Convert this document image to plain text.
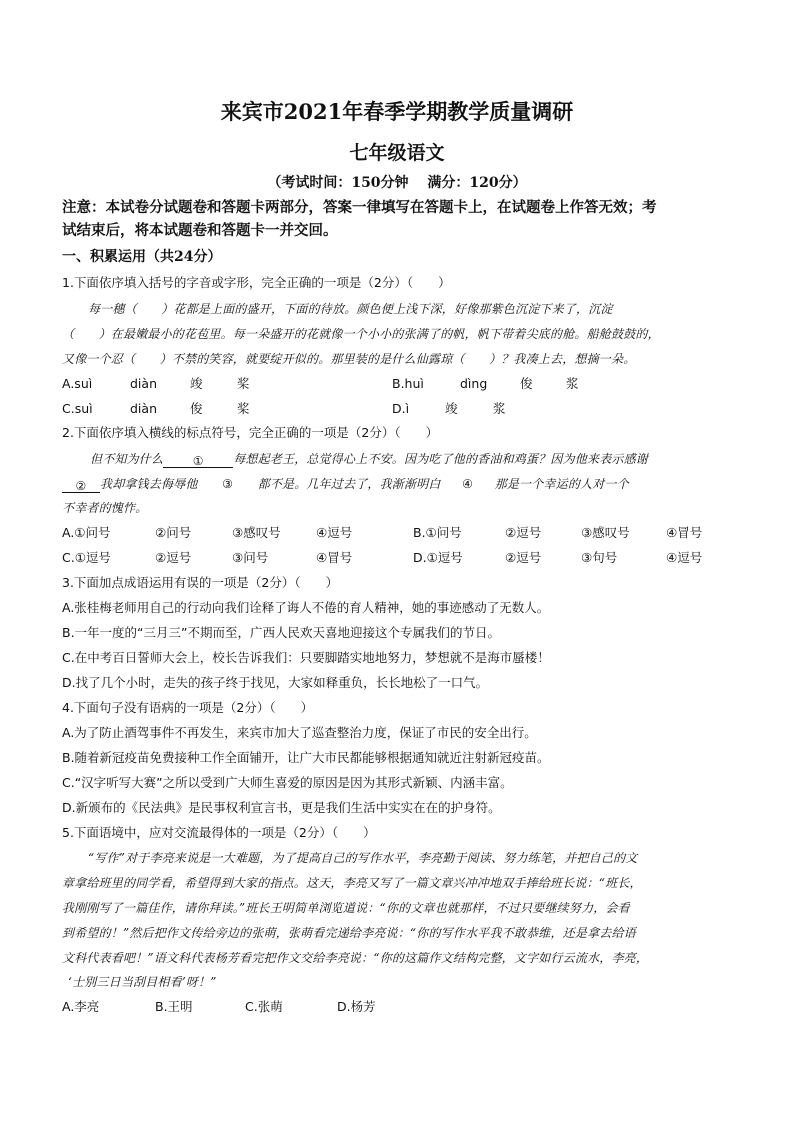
来宾市2021年春季学期教学质量调研
七年级语文
（考试时间：150分钟　 满分：120分）
注意：本试卷分试题卷和答题卡两部分，答案一律填写在答题卡上，在试题卷上作答无效；考
试结束后，将本试题卷和答题卡一并交回。
一、积累运用（共24分）
1.下面依序填入括号的字音或字形，完全正确的一项是（2分）（　　）
每一穗（　　）花都是上面的盛开，下面的待放。颜色便上浅下深，好像那紫色沉淀下来了，沉淀
（　　）在最嫩最小的花苞里。每一朵盛开的花就像一个小小的张满了的帆，帆下带着尖底的舱。船舱鼓鼓的，
又像一个忍（　　）不禁的笑容，就要绽开似的。那里装的是什么仙露琼（　　）？我凑上去，想摘一朵。
A.suì	diàn	竣	桨	B.huì	dìng	俊	浆
C.suì	diàn	俊	桨	D.ì	竣	浆
2.下面依序填入横线的标点符号，完全正确的一项是（2分）（　　）
但不知为什么 ① 每想起老王，总觉得心上不安。因为吃了他的香油和鸡蛋？因为他来表示感谢
② 我却拿钱去侮辱他 ③ 都不是。几年过去了，我渐渐明白 ④ 那是一个幸运的人对一个
不幸者的愧怍。
A.①问号	②问号	③感叹号	④逗号	B.①问号	②逗号	③感叹号	④冒号
C.①逗号	②逗号	③问号	④冒号	D.①逗号	②逗号	③句号	④逗号
3.下面加点成语运用有误的一项是（2分）（　　）
A.张桂梅老师用自己的行动向我们诠释了诲人不倦的育人精神，她的事迹感动了无数人。
B.一年一度的“三月三”不期而至，广西人民欢天喜地迎接这个专属我们的节日。
C.在中考百日誓师大会上，校长告诉我们：只要脚踏实地地努力，梦想就不是海市蜃楼！
D.找了几个小时，走失的孩子终于找见，大家如释重负，长长地松了一口气。
4.下面句子没有语病的一项是（2分）（　　）
A.为了防止酒驾事件不再发生，来宾市加大了巡查整治力度，保证了市民的安全出行。
B.随着新冠疫苗免费接种工作全面铺开，让广大市民都能够根据通知就近注射新冠疫苗。
C.“汉字听写大赛”之所以受到广大师生喜爱的原因是因为其形式新颖、内涵丰富。
D.新颁布的《民法典》是民事权利宣言书，更是我们生活中实实在在的护身符。
5.下面语境中，应对交流最得体的一项是（2分）（　　）
“写作”对于李亮来说是一大难题，为了提高自己的写作水平，李亮勤于阅读、努力练笔，并把自己的文
章拿给班里的同学看，希望得到大家的指点。这天，李亮又写了一篇文章兴冲冲地双手捧给班长说：“班长，
我刚刚写了一篇佳作，请你拜读。”班长王明简单浏览道说：“你的文章也就那样，不过只要继续努力，会看
到希望的！”然后把作文传给旁边的张萌，张萌看完递给李亮说：“你的写作水平我不敢恭维，还是拿去给语
文科代表看吧！”语文科代表杨芳看完把作文交给李亮说：“你的这篇作文结构完整，文字如行云流水，李亮，
‘士别三日当刮目相看’呀！”
A.李亮	B.王明	C.张萌	D.杨芳
